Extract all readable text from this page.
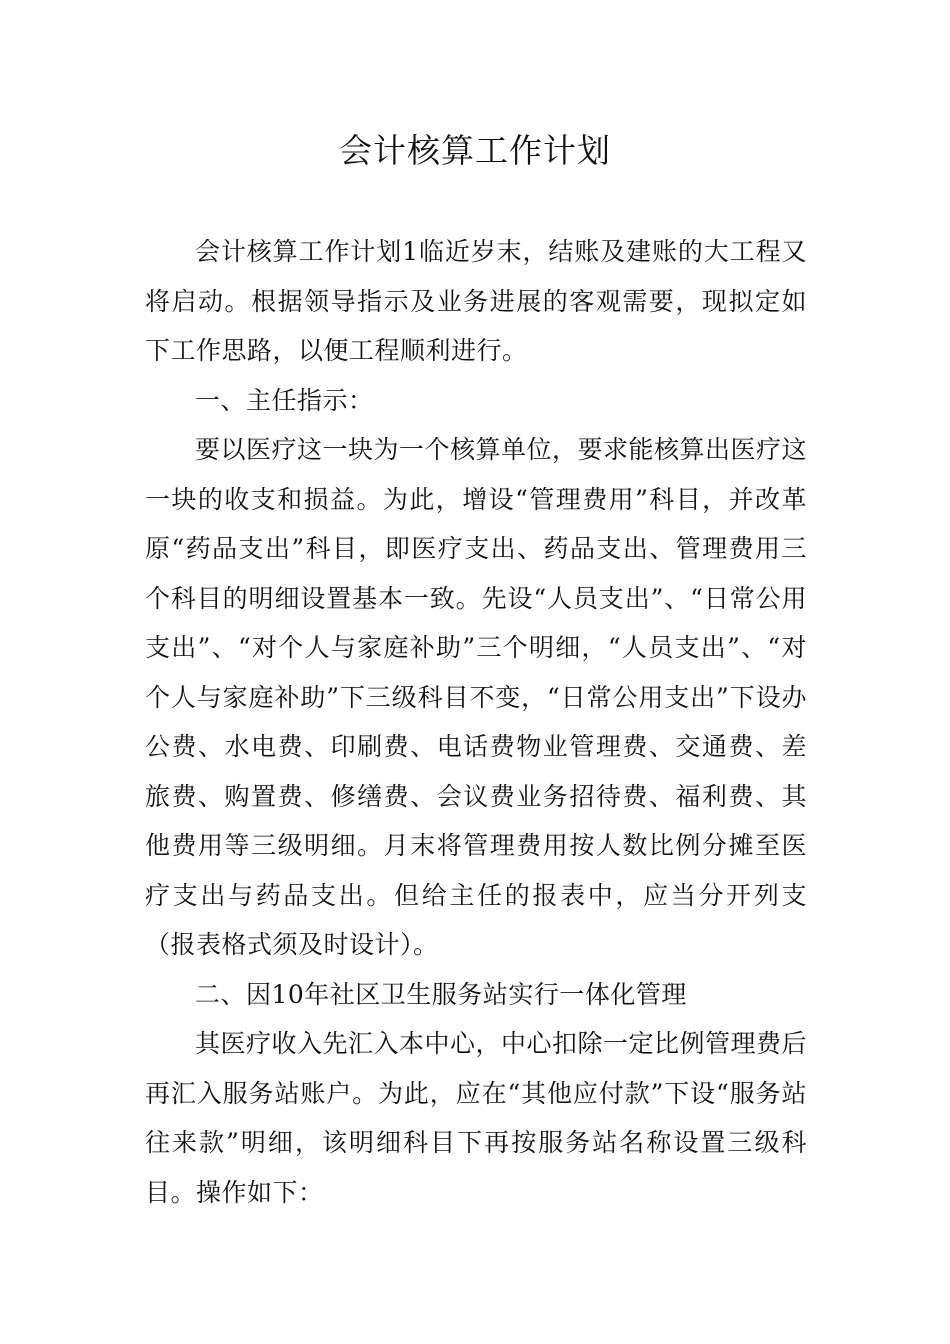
会计核算工作计划

会计核算工作计划1临近岁末，结账及建账的大工程又将启动。根据领导指示及业务进展的客观需要，现拟定如下工作思路，以便工程顺利进行。

一、主任指示：

要以医疗这一块为一个核算单位，要求能核算出医疗这一块的收支和损益。为此，增设“管理费用”科目，并改革原“药品支出”科目，即医疗支出、药品支出、管理费用三个科目的明细设置基本一致。先设“人员支出”、“日常公用支出”、“对个人与家庭补助”三个明细，“人员支出”、“对个人与家庭补助”下三级科目不变，“日常公用支出”下设办公费、水电费、印刷费、电话费物业管理费、交通费、差旅费、购置费、修缮费、会议费业务招待费、福利费、其他费用等三级明细。月末将管理费用按人数比例分摊至医疗支出与药品支出。但给主任的报表中，应当分开列支（报表格式须及时设计）。

二、因10年社区卫生服务站实行一体化管理

其医疗收入先汇入本中心，中心扣除一定比例管理费后再汇入服务站账户。为此，应在“其他应付款”下设“服务站往来款”明细，该明细科目下再按服务站名称设置三级科目。操作如下：
